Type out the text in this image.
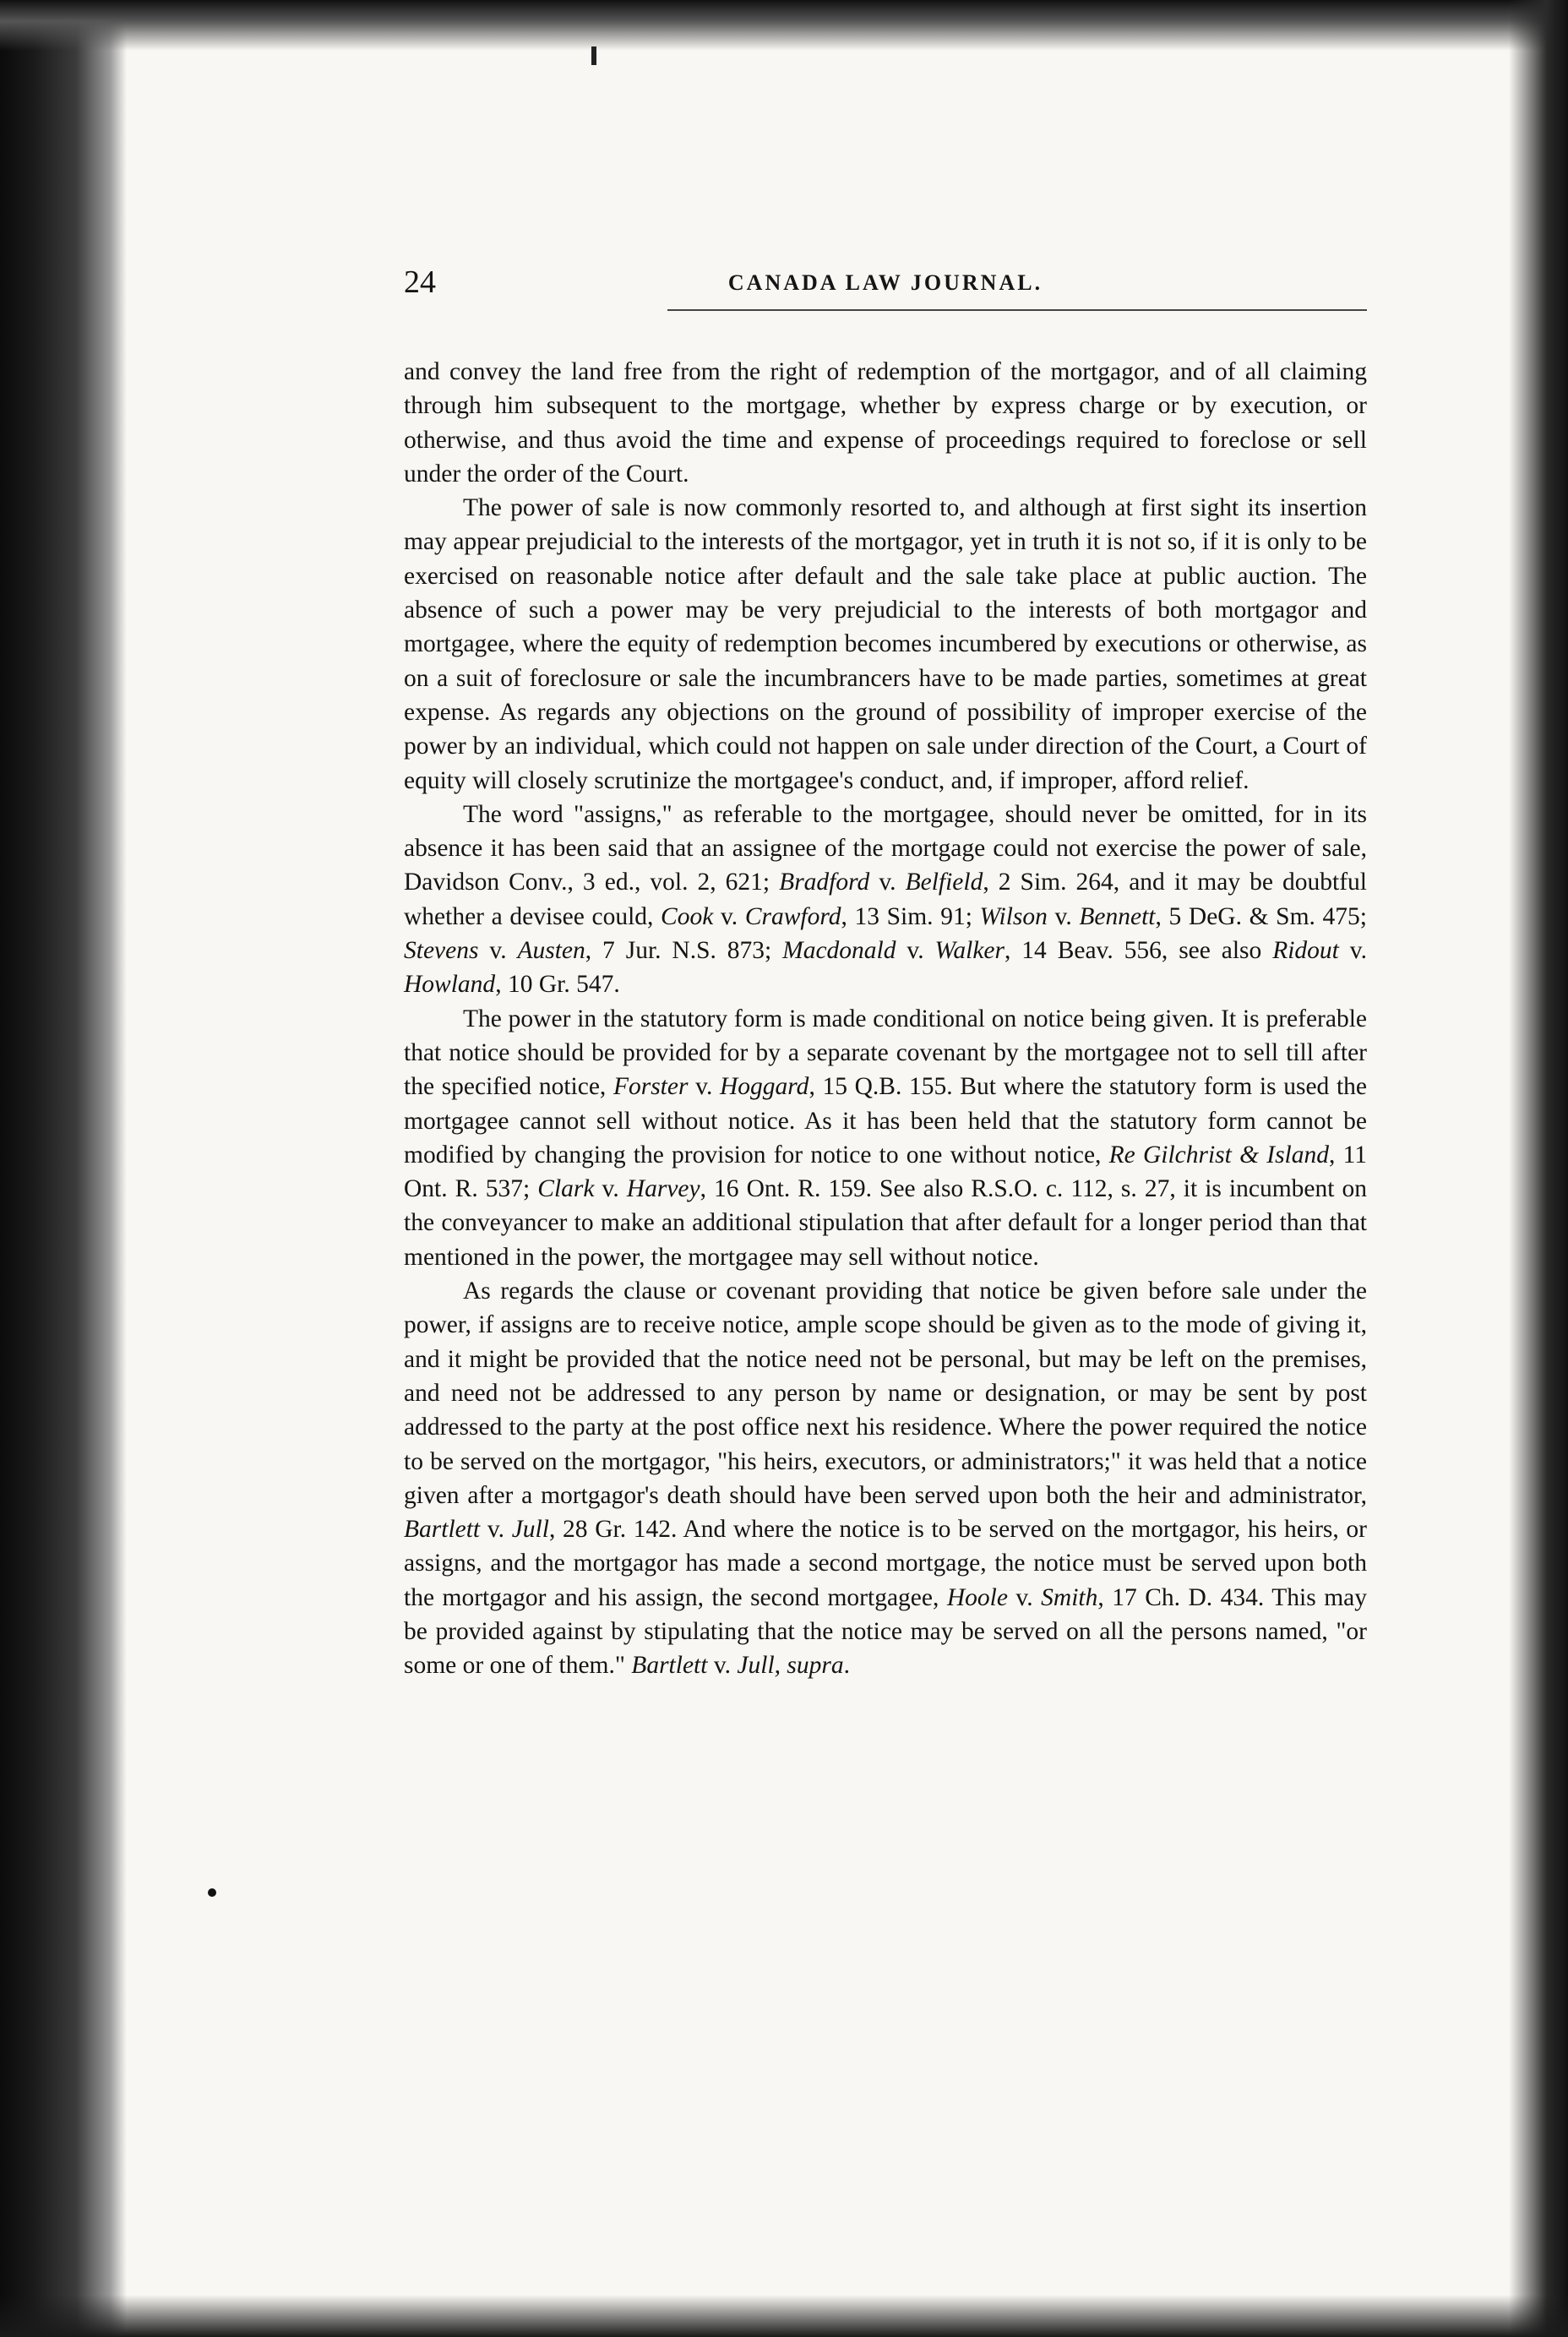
24	CANADA LAW JOURNAL.

and convey the land free from the right of redemption of the mortgagor, and of all claiming through him subsequent to the mortgage, whether by express charge or by execution, or otherwise, and thus avoid the time and expense of proceedings required to foreclose or sell under the order of the Court.

The power of sale is now commonly resorted to, and although at first sight its insertion may appear prejudicial to the interests of the mortgagor, yet in truth it is not so, if it is only to be exercised on reasonable notice after default and the sale take place at public auction. The absence of such a power may be very prejudicial to the interests of both mortgagor and mortgagee, where the equity of redemption becomes incumbered by executions or otherwise, as on a suit of foreclosure or sale the incumbrancers have to be made parties, sometimes at great expense. As regards any objections on the ground of possibility of improper exercise of the power by an individual, which could not happen on sale under direction of the Court, a Court of equity will closely scrutinize the mortgagee's conduct, and, if improper, afford relief.

The word "assigns," as referable to the mortgagee, should never be omitted, for in its absence it has been said that an assignee of the mortgage could not exercise the power of sale, Davidson Conv., 3 ed., vol. 2, 621; Bradford v. Belfield, 2 Sim. 264, and it may be doubtful whether a devisee could, Cook v. Crawford, 13 Sim. 91; Wilson v. Bennett, 5 DeG. & Sm. 475; Stevens v. Austen, 7 Jur. N.S. 873; Macdonald v. Walker, 14 Beav. 556, see also Ridout v. Howland, 10 Gr. 547.

The power in the statutory form is made conditional on notice being given. It is preferable that notice should be provided for by a separate covenant by the mortgagee not to sell till after the specified notice, Forster v. Hoggard, 15 Q.B. 155. But where the statutory form is used the mortgagee cannot sell without notice. As it has been held that the statutory form cannot be modified by changing the provision for notice to one without notice, Re Gilchrist & Island, 11 Ont. R. 537; Clark v. Harvey, 16 Ont. R. 159. See also R.S.O. c. 112, s. 27, it is incumbent on the conveyancer to make an additional stipulation that after default for a longer period than that mentioned in the power, the mortgagee may sell without notice.

As regards the clause or covenant providing that notice be given before sale under the power, if assigns are to receive notice, ample scope should be given as to the mode of giving it, and it might be provided that the notice need not be personal, but may be left on the premises, and need not be addressed to any person by name or designation, or may be sent by post addressed to the party at the post office next his residence. Where the power required the notice to be served on the mortgagor, "his heirs, executors, or administrators;" it was held that a notice given after a mortgagor's death should have been served upon both the heir and administrator, Bartlett v. Jull, 28 Gr. 142. And where the notice is to be served on the mortgagor, his heirs, or assigns, and the mortgagor has made a second mortgage, the notice must be served upon both the mortgagor and his assign, the second mortgagee, Hoole v. Smith, 17 Ch. D. 434. This may be provided against by stipulating that the notice may be served on all the persons named, "or some or one of them." Bartlett v. Jull, supra.
